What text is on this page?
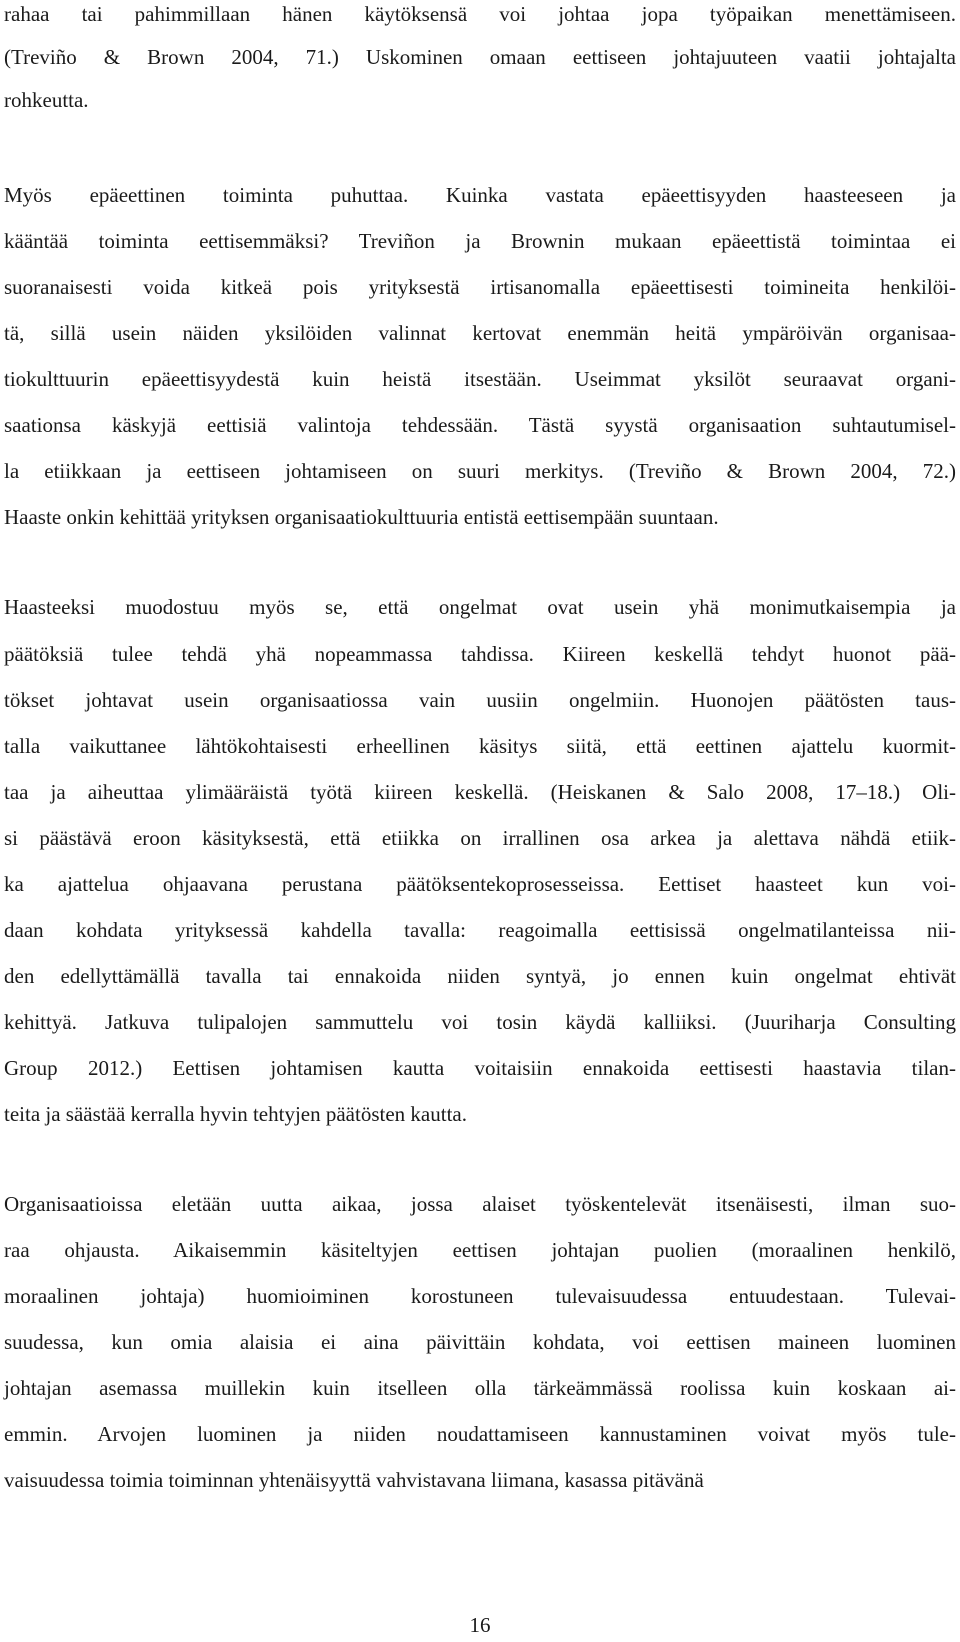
rahaa tai pahimmillaan hänen käytöksensä voi johtaa jopa työpaikan menettämiseen.

(Treviño & Brown 2004, 71.) Uskominen omaan eettiseen johtajuuteen vaatii johtajalta

rohkeutta.

Myös epäeettinen toiminta puhuttaa. Kuinka vastata epäeettisyyden haasteeseen ja

kääntää toiminta eettisemmäksi? Treviñon ja Brownin mukaan epäeettistä toimintaa ei

suoranaisesti voida kitkeä pois yrityksestä irtisanomalla epäeettisesti toimineita henkilöi-

tä, sillä usein näiden yksilöiden valinnat kertovat enemmän heitä ympäröivän organisaa-

tiokulttuurin epäeettisyydestä kuin heistä itsestään. Useimmat yksilöt seuraavat organi-

saationsa käskyjä eettisiä valintoja tehdessään. Tästä syystä organisaation suhtautumisel-

la etiikkaan ja eettiseen johtamiseen on suuri merkitys. (Treviño & Brown 2004, 72.)

Haaste onkin kehittää yrityksen organisaatiokulttuuria entistä eettisempään suuntaan.

Haasteeksi muodostuu myös se, että ongelmat ovat usein yhä monimutkaisempia ja

päätöksiä tulee tehdä yhä nopeammassa tahdissa. Kiireen keskellä tehdyt huonot pää-

tökset johtavat usein organisaatiossa vain uusiin ongelmiin. Huonojen päätösten taus-

talla vaikuttanee lähtökohtaisesti erheellinen käsitys siitä, että eettinen ajattelu kuormit-

taa ja aiheuttaa ylimääräistä työtä kiireen keskellä. (Heiskanen & Salo 2008, 17–18.) Oli-

si päästävä eroon käsityksestä, että etiikka on irrallinen osa arkea ja alettava nähdä etiik-

ka ajattelua ohjaavana perustana päätöksentekoprosesseissa. Eettiset haasteet kun voi-

daan kohdata yrityksessä kahdella tavalla: reagoimalla eettisissä ongelmatilanteissa nii-

den edellyttämällä tavalla tai ennakoida niiden syntyä, jo ennen kuin ongelmat ehtivät

kehittyä. Jatkuva tulipalojen sammuttelu voi tosin käydä kalliiksi. (Juuriharja Consulting

Group 2012.) Eettisen johtamisen kautta voitaisiin ennakoida eettisesti haastavia tilan-

teita ja säästää kerralla hyvin tehtyjen päätösten kautta.

Organisaatioissa eletään uutta aikaa, jossa alaiset työskentelevät itsenäisesti, ilman suo-

raa ohjausta. Aikaisemmin käsiteltyjen eettisen johtajan puolien (moraalinen henkilö,

moraalinen johtaja) huomioiminen korostuneen tulevaisuudessa entuudestaan. Tulevai-

suudessa, kun omia alaisia ei aina päivittäin kohdata, voi eettisen maineen luominen

johtajan asemassa muillekin kuin itselleen olla tärkeämmässä roolissa kuin koskaan ai-

emmin. Arvojen luominen ja niiden noudattamiseen kannustaminen voivat myös tule-

vaisuudessa toimia toiminnan yhtenäisyyttä vahvistavana liimana, kasassa pitävänä

16
